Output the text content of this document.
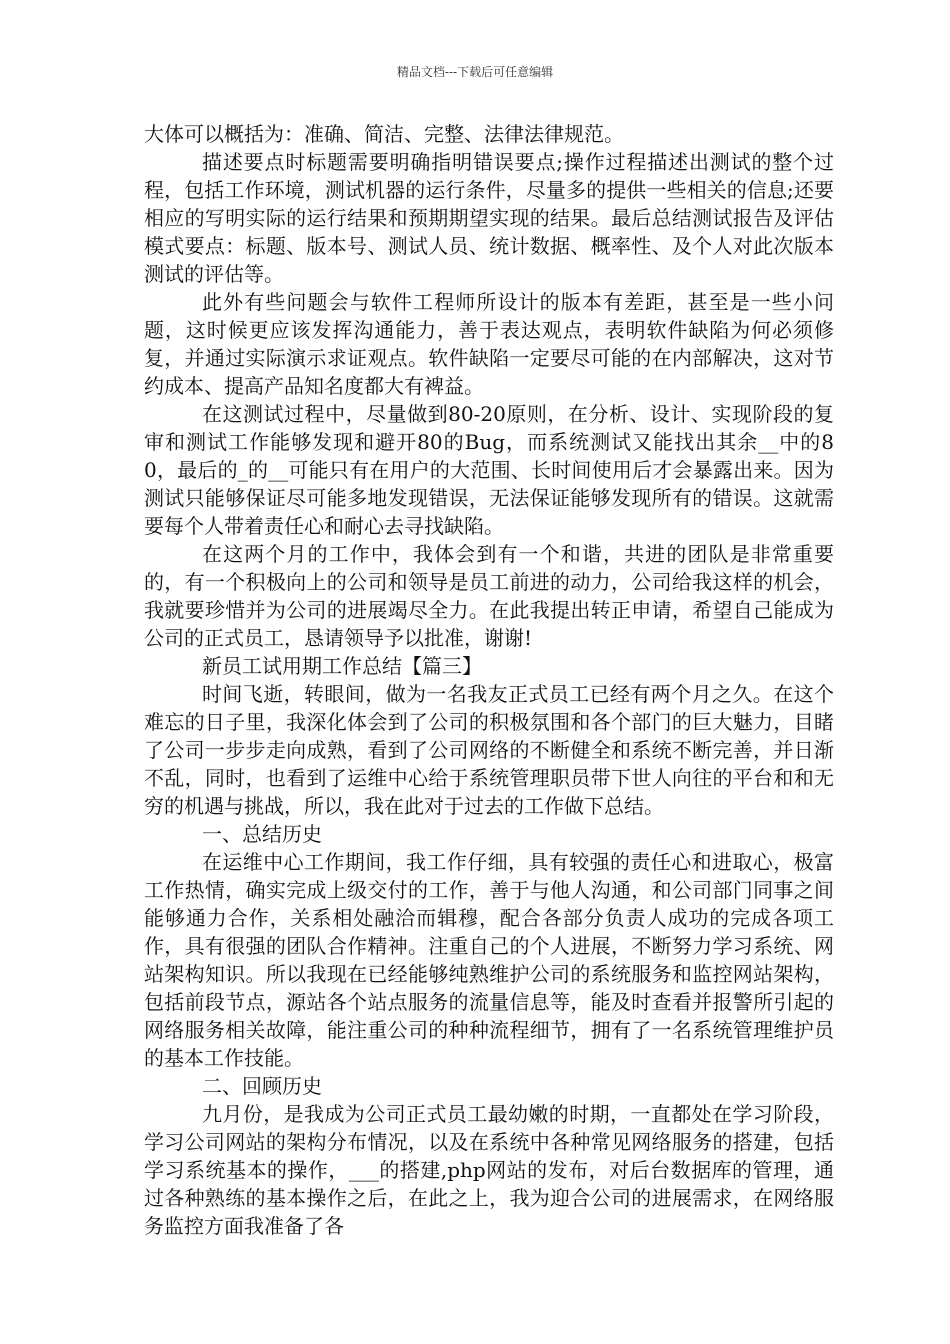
精品文档---下载后可任意编辑

大体可以概括为：准确、简洁、完整、法律法律规范。

描述要点时标题需要明确指明错误要点;操作过程描述出测试的整个过程，包括工作环境，测试机器的运行条件，尽量多的提供一些相关的信息;还要相应的写明实际的运行结果和预期期望实现的结果。最后总结测试报告及评估模式要点：标题、版本号、测试人员、统计数据、概率性、及个人对此次版本测试的评估等。

此外有些问题会与软件工程师所设计的版本有差距，甚至是一些小问题，这时候更应该发挥沟通能力，善于表达观点，表明软件缺陷为何必须修复，并通过实际演示求证观点。软件缺陷一定要尽可能的在内部解决，这对节约成本、提高产品知名度都大有裨益。

在这测试过程中，尽量做到80-20原则，在分析、设计、实现阶段的复审和测试工作能够发现和避开80的Bug，而系统测试又能找出其余__中的80，最后的_的__可能只有在用户的大范围、长时间使用后才会暴露出来。因为测试只能够保证尽可能多地发现错误，无法保证能够发现所有的错误。这就需要每个人带着责任心和耐心去寻找缺陷。

在这两个月的工作中，我体会到有一个和谐，共进的团队是非常重要的，有一个积极向上的公司和领导是员工前进的动力，公司给我这样的机会，我就要珍惜并为公司的进展竭尽全力。在此我提出转正申请，希望自己能成为公司的正式员工，恳请领导予以批准，谢谢!

新员工试用期工作总结【篇三】

时间飞逝，转眼间，做为一名我友正式员工已经有两个月之久。在这个难忘的日子里，我深化体会到了公司的积极氛围和各个部门的巨大魅力，目睹了公司一步步走向成熟，看到了公司网络的不断健全和系统不断完善，并日渐不乱，同时，也看到了运维中心给于系统管理职员带下世人向往的平台和和无穷的机遇与挑战，所以，我在此对于过去的工作做下总结。

一、总结历史

在运维中心工作期间，我工作仔细，具有较强的责任心和进取心，极富工作热情，确实完成上级交付的工作，善于与他人沟通，和公司部门同事之间能够通力合作，关系相处融洽而辑穆，配合各部分负责人成功的完成各项工作，具有很强的团队合作精神。注重自己的个人进展，不断努力学习系统、网站架构知识。所以我现在已经能够纯熟维护公司的系统服务和监控网站架构，包括前段节点，源站各个站点服务的流量信息等，能及时查看并报警所引起的网络服务相关故障，能注重公司的种种流程细节，拥有了一名系统管理维护员的基本工作技能。

二、回顾历史

九月份，是我成为公司正式员工最幼嫩的时期，一直都处在学习阶段，学习公司网站的架构分布情况，以及在系统中各种常见网络服务的搭建，包括学习系统基本的操作，___的搭建,php网站的发布，对后台数据库的管理，通过各种熟练的基本操作之后，在此之上，我为迎合公司的进展需求，在网络服务监控方面我准备了各
